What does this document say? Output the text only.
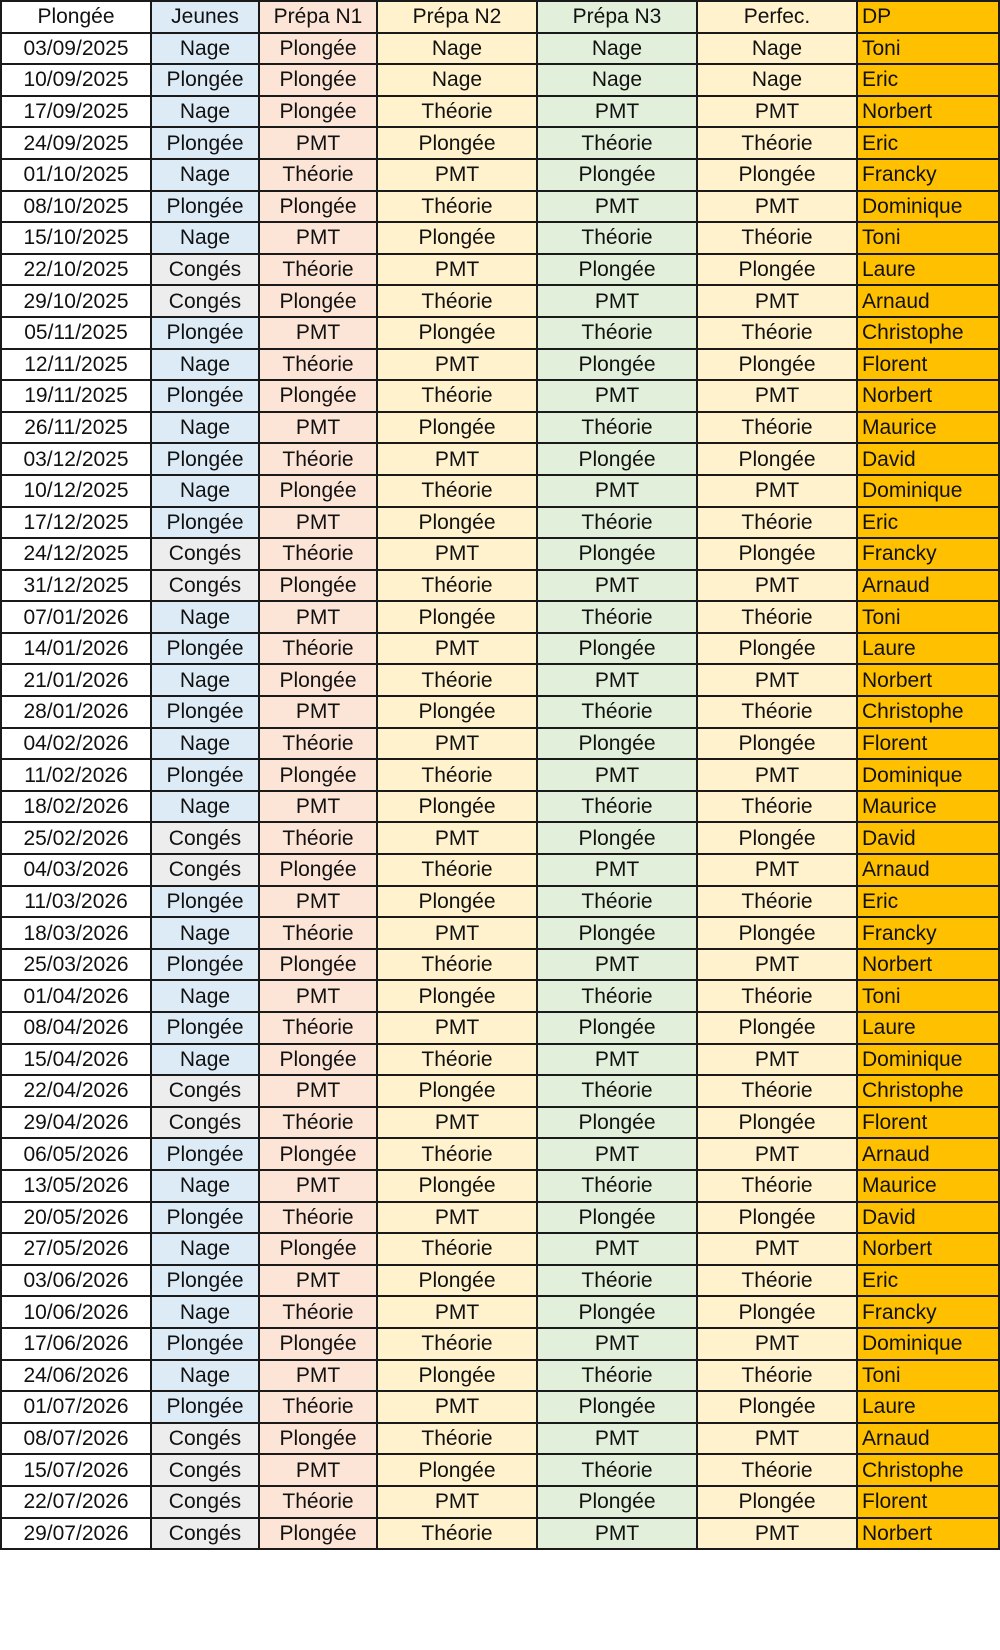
Plongée	Jeunes	Prépa N1	Prépa N2	Prépa N3	Perfec.	DP
03/09/2025	Nage	Plongée	Nage	Nage	Nage	Toni
10/09/2025	Plongée	Plongée	Nage	Nage	Nage	Eric
17/09/2025	Nage	Plongée	Théorie	PMT	PMT	Norbert
24/09/2025	Plongée	PMT	Plongée	Théorie	Théorie	Eric
01/10/2025	Nage	Théorie	PMT	Plongée	Plongée	Francky
08/10/2025	Plongée	Plongée	Théorie	PMT	PMT	Dominique
15/10/2025	Nage	PMT	Plongée	Théorie	Théorie	Toni
22/10/2025	Congés	Théorie	PMT	Plongée	Plongée	Laure
29/10/2025	Congés	Plongée	Théorie	PMT	PMT	Arnaud
05/11/2025	Plongée	PMT	Plongée	Théorie	Théorie	Christophe
12/11/2025	Nage	Théorie	PMT	Plongée	Plongée	Florent
19/11/2025	Plongée	Plongée	Théorie	PMT	PMT	Norbert
26/11/2025	Nage	PMT	Plongée	Théorie	Théorie	Maurice
03/12/2025	Plongée	Théorie	PMT	Plongée	Plongée	David
10/12/2025	Nage	Plongée	Théorie	PMT	PMT	Dominique
17/12/2025	Plongée	PMT	Plongée	Théorie	Théorie	Eric
24/12/2025	Congés	Théorie	PMT	Plongée	Plongée	Francky
31/12/2025	Congés	Plongée	Théorie	PMT	PMT	Arnaud
07/01/2026	Nage	PMT	Plongée	Théorie	Théorie	Toni
14/01/2026	Plongée	Théorie	PMT	Plongée	Plongée	Laure
21/01/2026	Nage	Plongée	Théorie	PMT	PMT	Norbert
28/01/2026	Plongée	PMT	Plongée	Théorie	Théorie	Christophe
04/02/2026	Nage	Théorie	PMT	Plongée	Plongée	Florent
11/02/2026	Plongée	Plongée	Théorie	PMT	PMT	Dominique
18/02/2026	Nage	PMT	Plongée	Théorie	Théorie	Maurice
25/02/2026	Congés	Théorie	PMT	Plongée	Plongée	David
04/03/2026	Congés	Plongée	Théorie	PMT	PMT	Arnaud
11/03/2026	Plongée	PMT	Plongée	Théorie	Théorie	Eric
18/03/2026	Nage	Théorie	PMT	Plongée	Plongée	Francky
25/03/2026	Plongée	Plongée	Théorie	PMT	PMT	Norbert
01/04/2026	Nage	PMT	Plongée	Théorie	Théorie	Toni
08/04/2026	Plongée	Théorie	PMT	Plongée	Plongée	Laure
15/04/2026	Nage	Plongée	Théorie	PMT	PMT	Dominique
22/04/2026	Congés	PMT	Plongée	Théorie	Théorie	Christophe
29/04/2026	Congés	Théorie	PMT	Plongée	Plongée	Florent
06/05/2026	Plongée	Plongée	Théorie	PMT	PMT	Arnaud
13/05/2026	Nage	PMT	Plongée	Théorie	Théorie	Maurice
20/05/2026	Plongée	Théorie	PMT	Plongée	Plongée	David
27/05/2026	Nage	Plongée	Théorie	PMT	PMT	Norbert
03/06/2026	Plongée	PMT	Plongée	Théorie	Théorie	Eric
10/06/2026	Nage	Théorie	PMT	Plongée	Plongée	Francky
17/06/2026	Plongée	Plongée	Théorie	PMT	PMT	Dominique
24/06/2026	Nage	PMT	Plongée	Théorie	Théorie	Toni
01/07/2026	Plongée	Théorie	PMT	Plongée	Plongée	Laure
08/07/2026	Congés	Plongée	Théorie	PMT	PMT	Arnaud
15/07/2026	Congés	PMT	Plongée	Théorie	Théorie	Christophe
22/07/2026	Congés	Théorie	PMT	Plongée	Plongée	Florent
29/07/2026	Congés	Plongée	Théorie	PMT	PMT	Norbert
